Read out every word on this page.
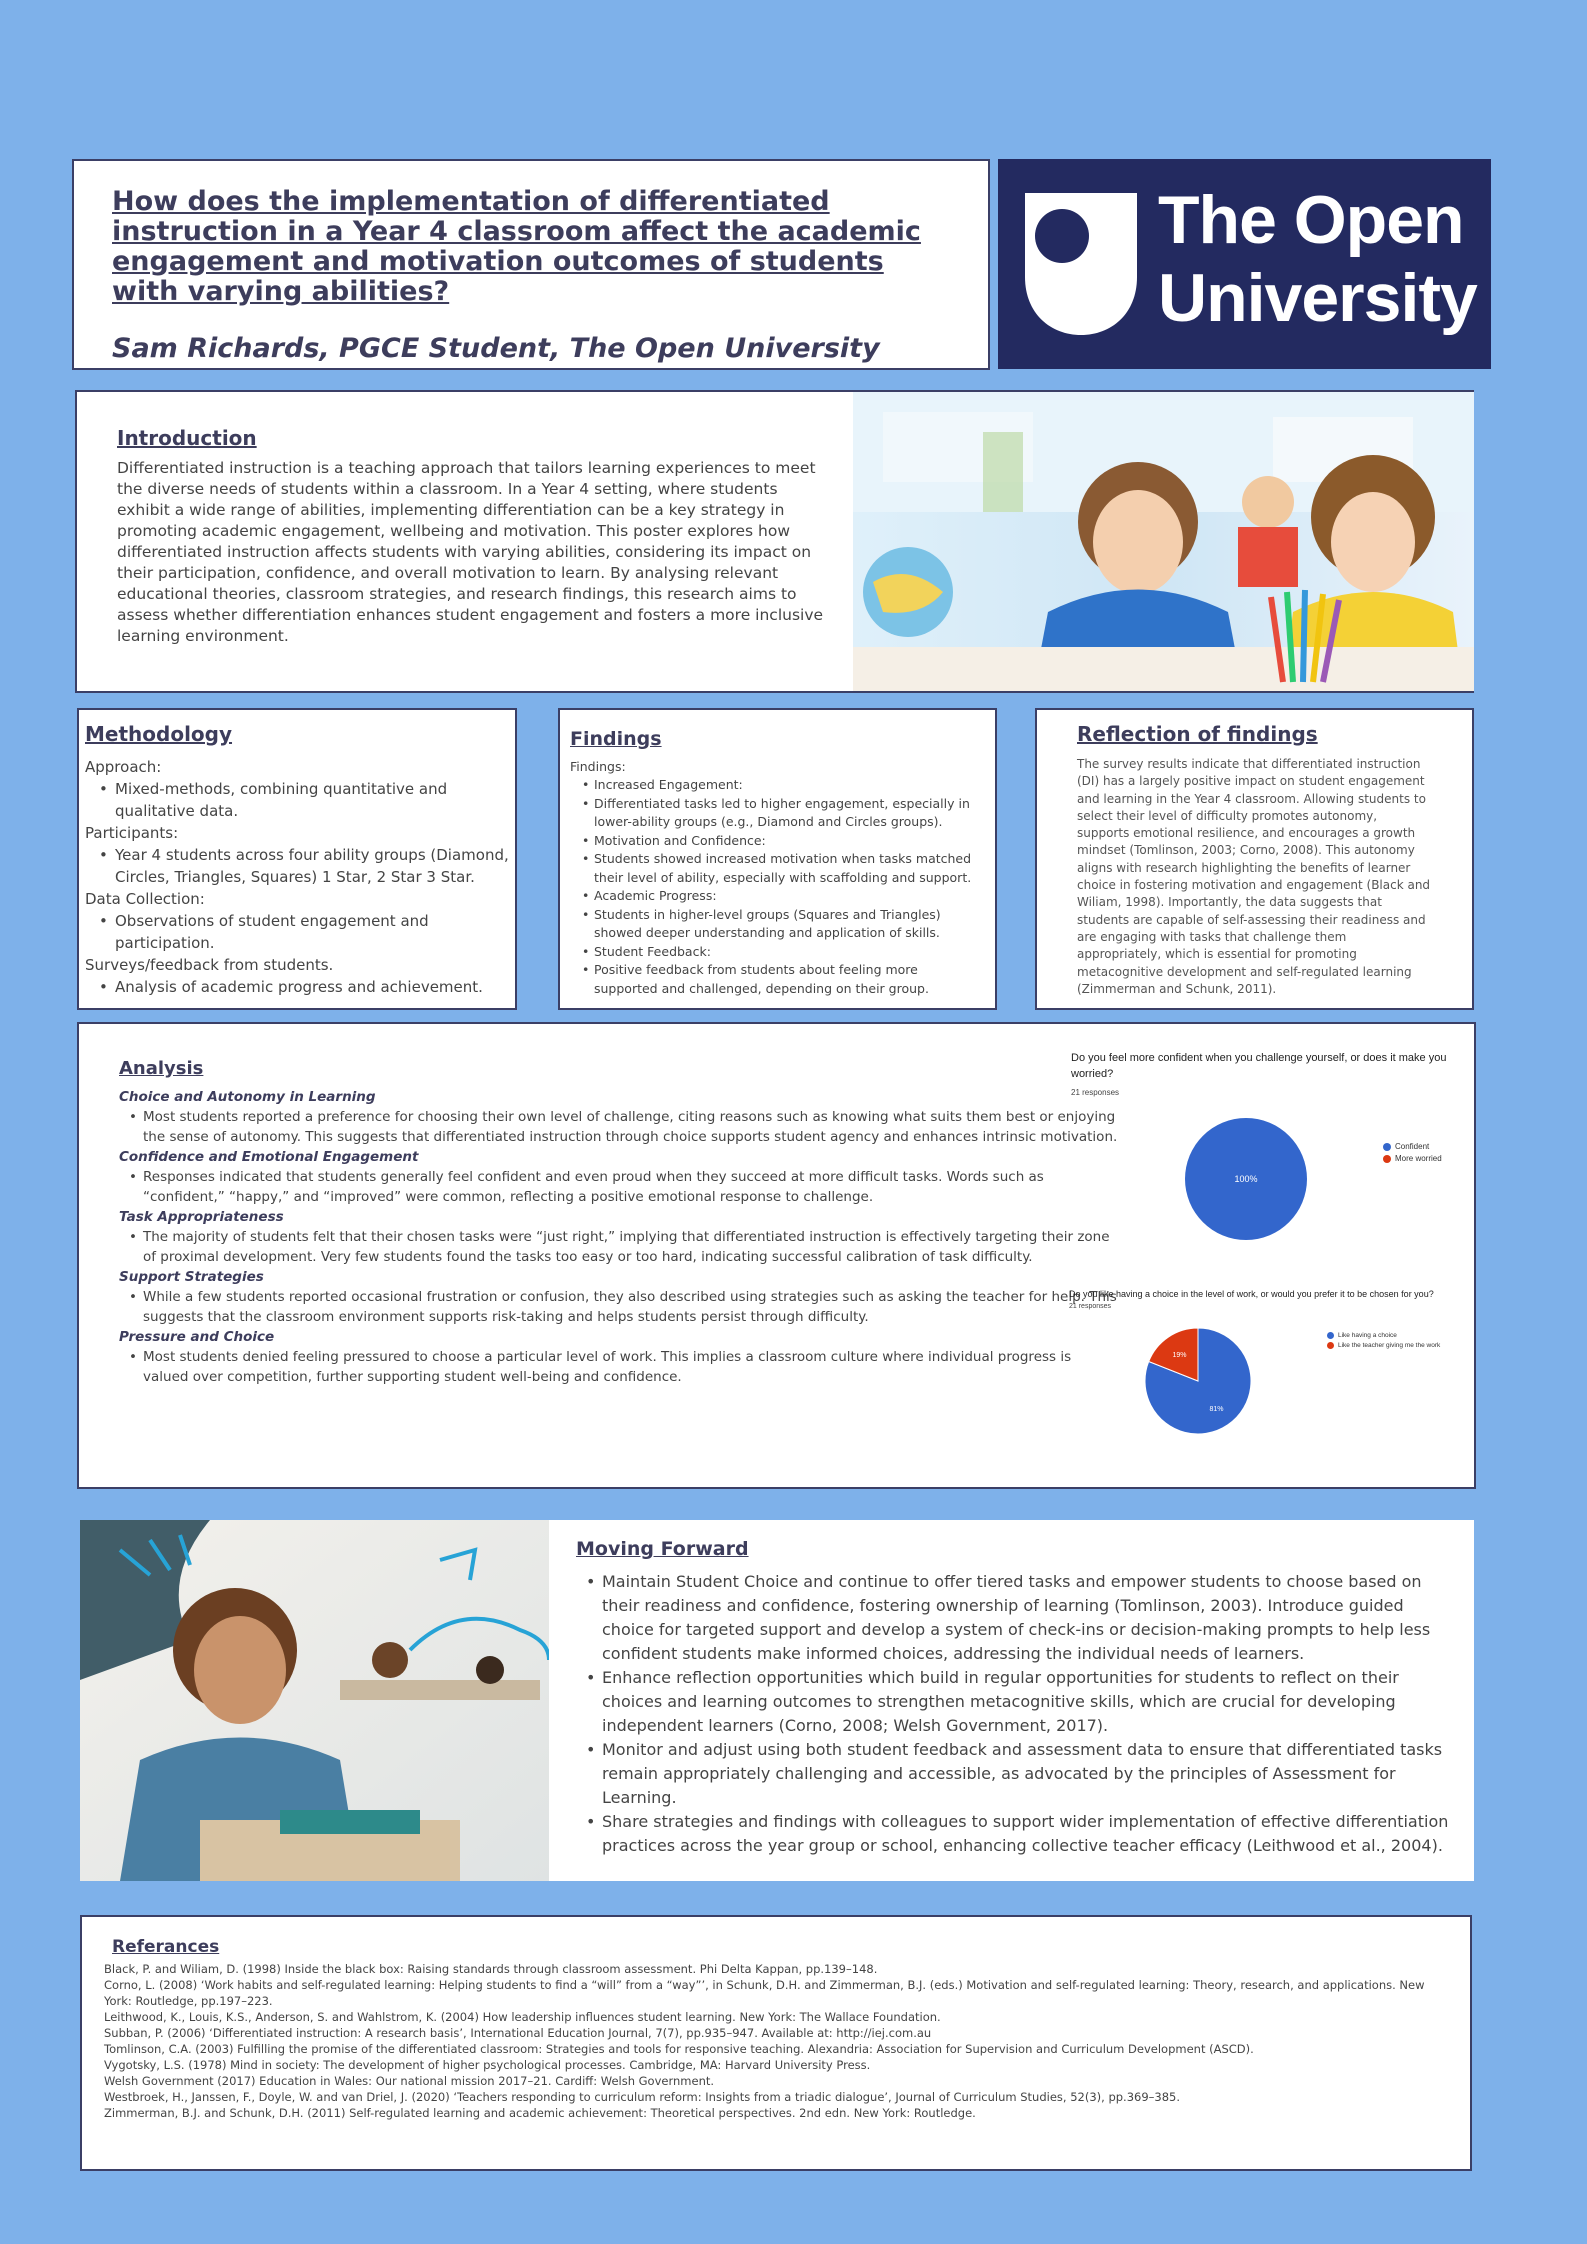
How does the implementation of differentiated instruction in a Year 4 classroom affect the academic engagement and motivation outcomes of students with varying abilities?
Sam Richards, PGCE Student, The Open University
The Open
University
Introduction

Differentiated instruction is a teaching approach that tailors learning experiences to meet the diverse needs of students within a classroom. In a Year 4 setting, where students exhibit a wide range of abilities, implementing differentiation can be a key strategy in promoting academic engagement, wellbeing and motivation. This poster explores how differentiated instruction affects students with varying abilities, considering its impact on their participation, confidence, and overall motivation to learn. By analysing relevant educational theories, classroom strategies, and research findings, this research aims to assess whether differentiation enhances student engagement and fosters a more inclusive learning environment.

Methodology
Approach:
• Mixed-methods, combining quantitative and qualitative data.
Participants:
• Year 4 students across four ability groups (Diamond, Circles, Triangles, Squares) 1 Star, 2 Star 3 Star.
Data Collection:
• Observations of student engagement and participation.
Surveys/feedback from students.
• Analysis of academic progress and achievement.
Findings
Findings:
• Increased Engagement:
• Differentiated tasks led to higher engagement, especially in lower-ability groups (e.g., Diamond and Circles groups).
• Motivation and Confidence:
• Students showed increased motivation when tasks matched their level of ability, especially with scaffolding and support.
• Academic Progress:
• Students in higher-level groups (Squares and Triangles) showed deeper understanding and application of skills.
• Student Feedback:
• Positive feedback from students about feeling more supported and challenged, depending on their group.
Reflection of findings

The survey results indicate that differentiated instruction (DI) has a largely positive impact on student engagement and learning in the Year 4 classroom. Allowing students to select their level of difficulty promotes autonomy, supports emotional resilience, and encourages a growth mindset (Tomlinson, 2003; Corno, 2008). This autonomy aligns with research highlighting the benefits of learner choice in fostering motivation and engagement (Black and Wiliam, 1998). Importantly, the data suggests that students are capable of self-assessing their readiness and are engaging with tasks that challenge them appropriately, which is essential for promoting metacognitive development and self-regulated learning (Zimmerman and Schunk, 2011).

Analysis
Choice and Autonomy in Learning
• Most students reported a preference for choosing their own level of challenge, citing reasons such as knowing what suits them best or enjoying the sense of autonomy. This suggests that differentiated instruction through choice supports student agency and enhances intrinsic motivation.
Confidence and Emotional Engagement
• Responses indicated that students generally feel confident and even proud when they succeed at more difficult tasks. Words such as “confident,” “happy,” and “improved” were common, reflecting a positive emotional response to challenge.
Task Appropriateness
• The majority of students felt that their chosen tasks were “just right,” implying that differentiated instruction is effectively targeting their zone of proximal development. Very few students found the tasks too easy or too hard, indicating successful calibration of task difficulty.
Support Strategies
• While a few students reported occasional frustration or confusion, they also described using strategies such as asking the teacher for help. This suggests that the classroom environment supports risk-taking and helps students persist through difficulty.
Pressure and Choice
• Most students denied feeling pressured to choose a particular level of work. This implies a classroom culture where individual progress is valued over competition, further supporting student well-being and confidence.
Do you feel more confident when you challenge yourself, or does it make you worried?
21 responses
100%
Confident
More worried
Do you like having a choice in the level of work, or would you prefer it to be chosen for you?
21 responses
81%
19%
Like having a choice
Like the teacher giving me the work
Moving Forward
• Maintain Student Choice and continue to offer tiered tasks and empower students to choose based on their readiness and confidence, fostering ownership of learning (Tomlinson, 2003). Introduce guided choice for targeted support and develop a system of check-ins or decision-making prompts to help less confident students make informed choices, addressing the individual needs of learners.
• Enhance reflection opportunities which build in regular opportunities for students to reflect on their choices and learning outcomes to strengthen metacognitive skills, which are crucial for developing independent learners (Corno, 2008; Welsh Government, 2017).
• Monitor and adjust using both student feedback and assessment data to ensure that differentiated tasks remain appropriately challenging and accessible, as advocated by the principles of Assessment for Learning.
• Share strategies and findings with colleagues to support wider implementation of effective differentiation practices across the year group or school, enhancing collective teacher efficacy (Leithwood et al., 2004).
Referances
Black, P. and Wiliam, D. (1998) Inside the black box: Raising standards through classroom assessment. Phi Delta Kappan, pp.139–148.
Corno, L. (2008) ‘Work habits and self-regulated learning: Helping students to find a “will” from a “way”’, in Schunk, D.H. and Zimmerman, B.J. (eds.) Motivation and self-regulated learning: Theory, research, and applications. New York: Routledge, pp.197–223.
Leithwood, K., Louis, K.S., Anderson, S. and Wahlstrom, K. (2004) How leadership influences student learning. New York: The Wallace Foundation.
Subban, P. (2006) ‘Differentiated instruction: A research basis’, International Education Journal, 7(7), pp.935–947. Available at: http://iej.com.au
Tomlinson, C.A. (2003) Fulfilling the promise of the differentiated classroom: Strategies and tools for responsive teaching. Alexandria: Association for Supervision and Curriculum Development (ASCD).
Vygotsky, L.S. (1978) Mind in society: The development of higher psychological processes. Cambridge, MA: Harvard University Press.
Welsh Government (2017) Education in Wales: Our national mission 2017–21. Cardiff: Welsh Government.
Westbroek, H., Janssen, F., Doyle, W. and van Driel, J. (2020) ‘Teachers responding to curriculum reform: Insights from a triadic dialogue’, Journal of Curriculum Studies, 52(3), pp.369–385.
Zimmerman, B.J. and Schunk, D.H. (2011) Self-regulated learning and academic achievement: Theoretical perspectives. 2nd edn. New York: Routledge.
